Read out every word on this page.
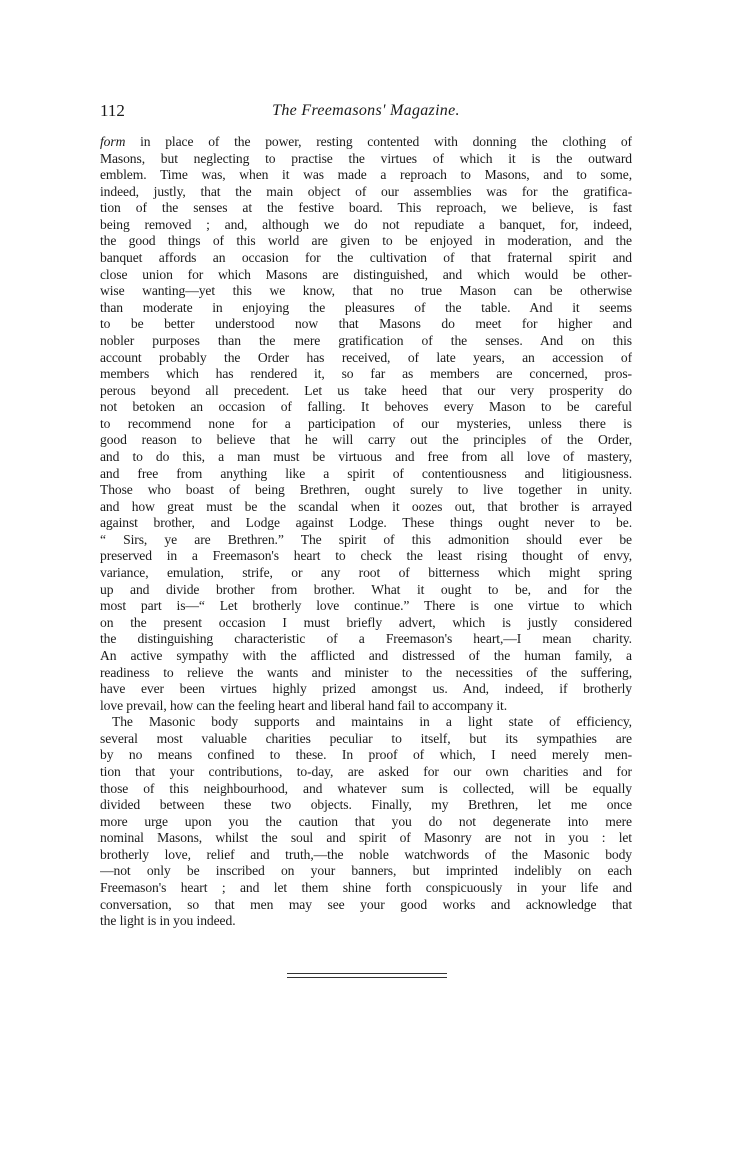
112	The Freemasons' Magazine.
form in place of the power, resting contented with donning the clothing of
Masons, but neglecting to practise the virtues of which it is the outward
emblem. Time was, when it was made a reproach to Masons, and to some,
indeed, justly, that the main object of our assemblies was for the gratifica-
tion of the senses at the festive board. This reproach, we believe, is fast
being removed ; and, although we do not repudiate a banquet, for, indeed,
the good things of this world are given to be enjoyed in moderation, and the
banquet affords an occasion for the cultivation of that fraternal spirit and
close union for which Masons are distinguished, and which would be other-
wise wanting—yet this we know, that no true Mason can be otherwise
than moderate in enjoying the pleasures of the table. And it seems
to be better understood now that Masons do meet for higher and
nobler purposes than the mere gratification of the senses. And on this
account probably the Order has received, of late years, an accession of
members which has rendered it, so far as members are concerned, pros-
perous beyond all precedent. Let us take heed that our very prosperity do
not betoken an occasion of falling. It behoves every Mason to be careful
to recommend none for a participation of our mysteries, unless there is
good reason to believe that he will carry out the principles of the Order,
and to do this, a man must be virtuous and free from all love of mastery,
and free from anything like a spirit of contentiousness and litigiousness.
Those who boast of being Brethren, ought surely to live together in unity.
and how great must be the scandal when it oozes out, that brother is arrayed
against brother, and Lodge against Lodge. These things ought never to be.
“ Sirs, ye are Brethren.” The spirit of this admonition should ever be
preserved in a Freemason's heart to check the least rising thought of envy,
variance, emulation, strife, or any root of bitterness which might spring
up and divide brother from brother. What it ought to be, and for the
most part is—“ Let brotherly love continue.” There is one virtue to which
on the present occasion I must briefly advert, which is justly considered
the distinguishing characteristic of a Freemason's heart,—I mean charity.
An active sympathy with the afflicted and distressed of the human family, a
readiness to relieve the wants and minister to the necessities of the suffering,
have ever been virtues highly prized amongst us. And, indeed, if brotherly
love prevail, how can the feeling heart and liberal hand fail to accompany it.
The Masonic body supports and maintains in a light state of efficiency,
several most valuable charities peculiar to itself, but its sympathies are
by no means confined to these. In proof of which, I need merely men-
tion that your contributions, to-day, are asked for our own charities and for
those of this neighbourhood, and whatever sum is collected, will be equally
divided between these two objects. Finally, my Brethren, let me once
more urge upon you the caution that you do not degenerate into mere
nominal Masons, whilst the soul and spirit of Masonry are not in you : let
brotherly love, relief and truth,—the noble watchwords of the Masonic body
—not only be inscribed on your banners, but imprinted indelibly on each
Freemason's heart ; and let them shine forth conspicuously in your life and
conversation, so that men may see your good works and acknowledge that
the light is in you indeed.
